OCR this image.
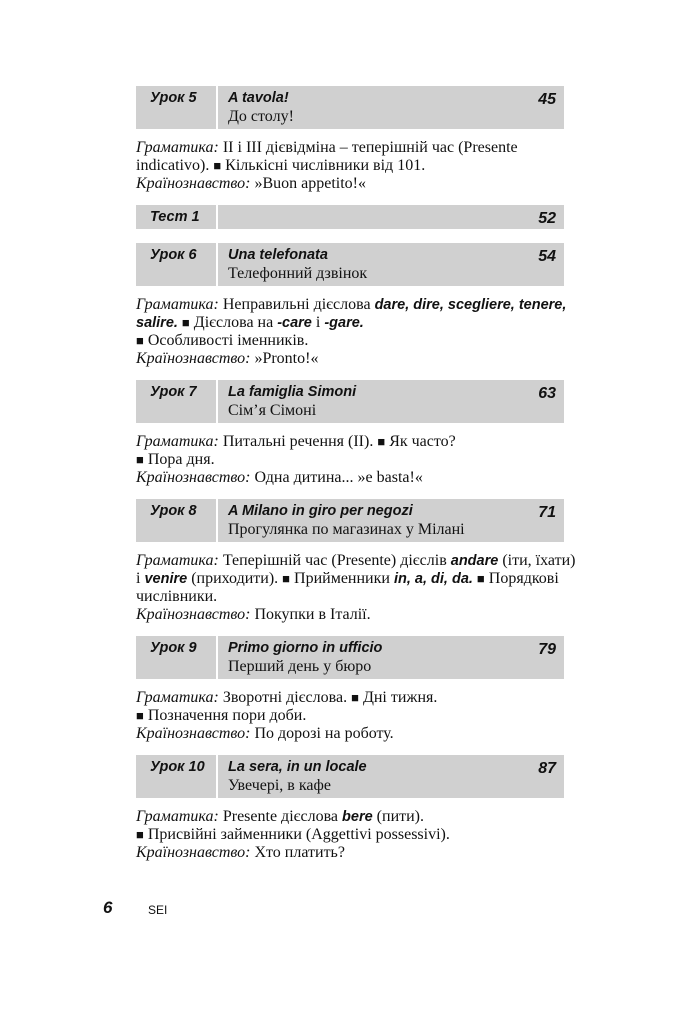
Урок 5 A tavola!
До столу!
45
Граматика: II і III дієвідміна – теперішній час (Presente indicativo). ■ Кількісні числівники від 101.
Країнознавство: »Buon appetito!«
Тест 1	52
Урок 6 Una telefonata
Телефонний дзвінок
54
Граматика: Неправильні дієслова dare, dire, scegliere, tenere, salire. ■ Дієслова на -care і -gare.
■ Особливості іменників.
Країнознавство: »Pronto!«
Урок 7 La famiglia Simoni
Сім’я Сімоні
63
Граматика: Питальні речення (II). ■ Як часто?
■ Пора дня.
Країнознавство: Одна дитина... »e basta!«
Урок 8 A Milano in giro per negozi
Прогулянка по магазинах у Мілані
71
Граматика: Теперішній час (Presente) дієслів andare (іти, їхати) і venire (приходити). ■ Прийменники in, a, di, da. ■ Порядкові числівники.
Країнознавство: Покупки в Італії.
Урок 9 Primo giorno in ufficio
Перший день у бюро
79
Граматика: Зворотні дієслова. ■ Дні тижня.
■ Позначення пори доби.
Країнознавство: По дорозі на роботу.
Урок 10 La sera, in un locale
Увечері, в кафе
87
Граматика: Presente дієслова bere (пити).
■ Присвійні займенники (Aggettivi possessivi).
Країнознавство: Хто платить?
6	SEI
